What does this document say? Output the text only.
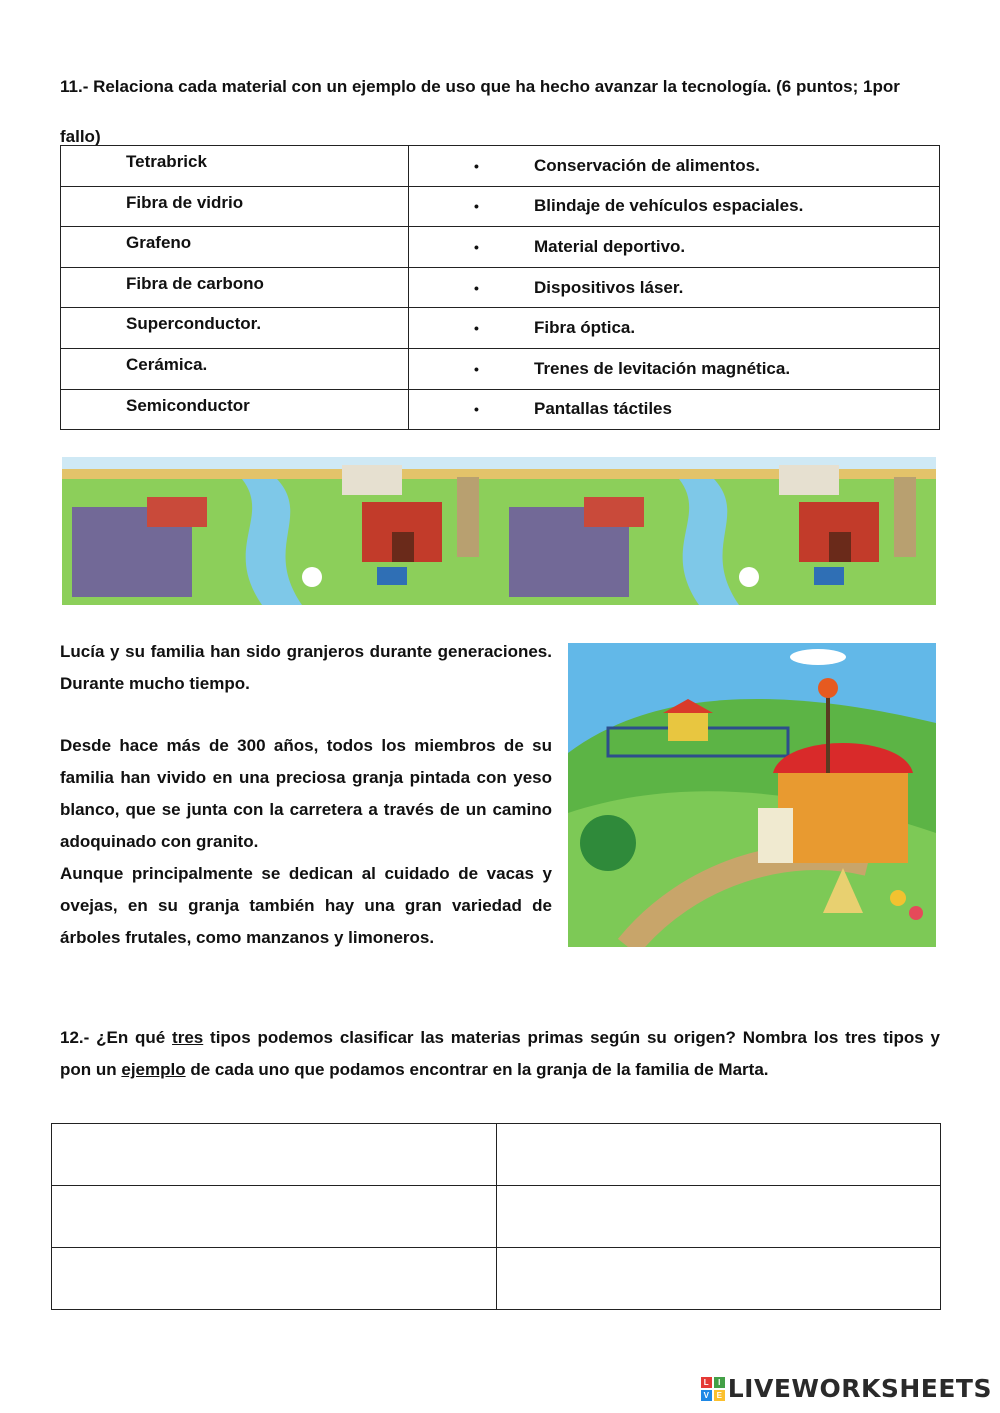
11.- Relaciona cada material con un ejemplo de uso que ha hecho avanzar la tecnología. (6 puntos; 1por
fallo)
Tetrabrick	• Conservación de alimentos.
Fibra de vidrio	• Blindaje de vehículos espaciales.
Grafeno	• Material deportivo.
Fibra de carbono	• Dispositivos láser.
Superconductor.	• Fibra óptica.
Cerámica.	• Trenes de levitación magnética.
Semiconductor	• Pantallas táctiles

Lucía y su familia han sido granjeros durante generaciones. Durante mucho tiempo.

Desde hace más de 300 años, todos los miembros de su familia han vivido en una preciosa granja pintada con yeso blanco, que se junta con la carretera a través de un camino adoquinado con granito.

Aunque principalmente se dedican al cuidado de vacas y ovejas, en su granja también hay una gran variedad de árboles frutales, como manzanos y limoneros.

12.- ¿En qué tres tipos podemos clasificar las materias primas según su origen? Nombra los tres tipos y pon un ejemplo de cada uno que podamos encontrar en la granja de la familia de Marta.

L	I
V E LIVEWORKSHEETS
